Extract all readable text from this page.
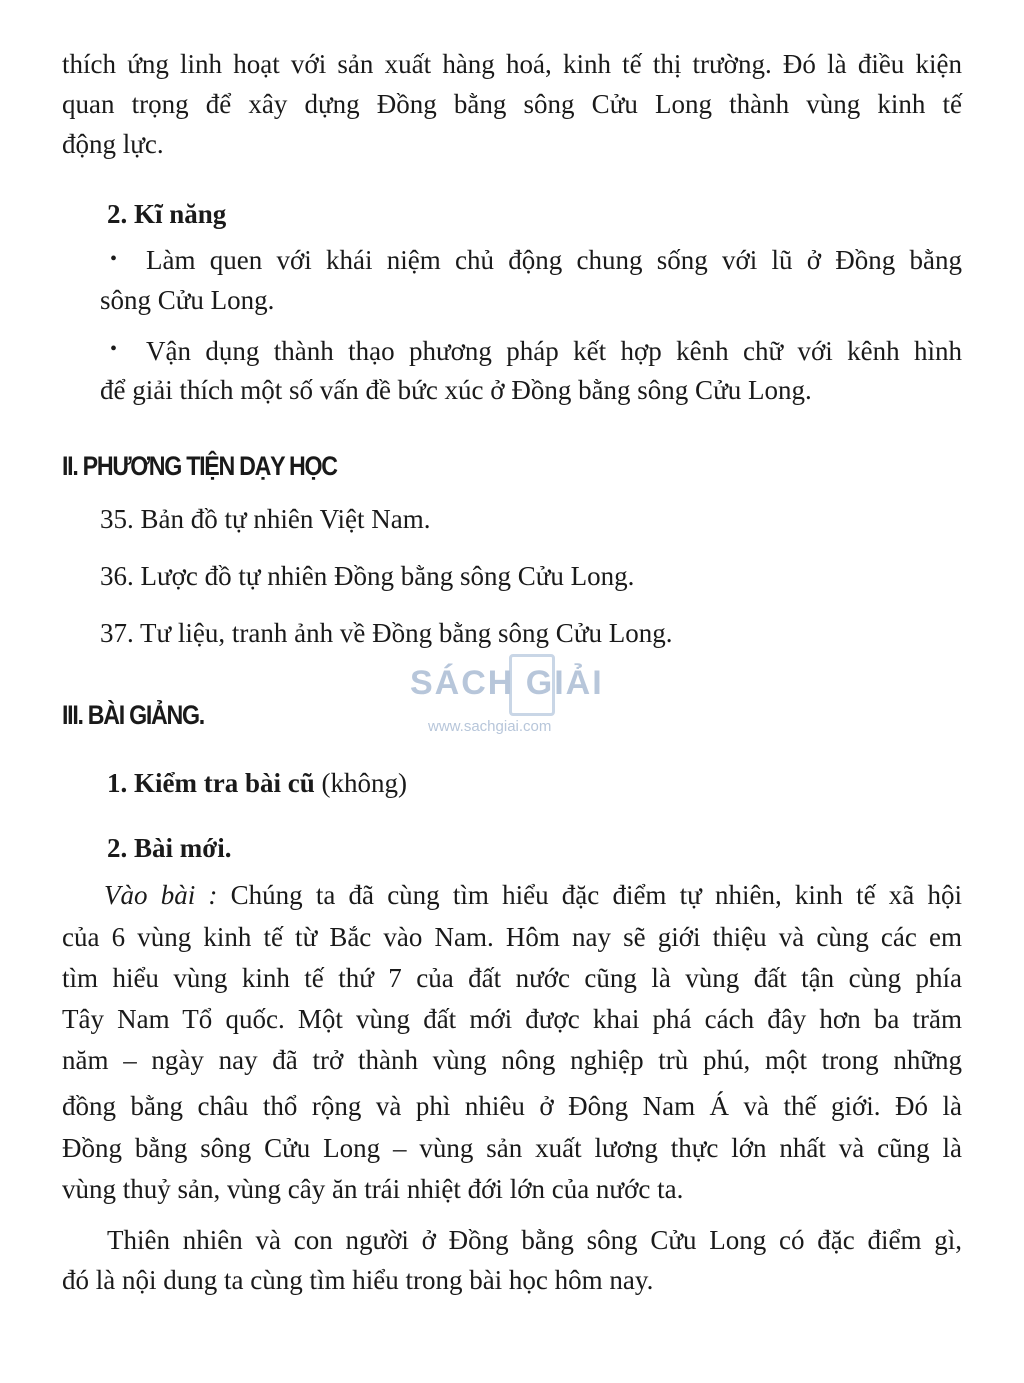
thích ứng linh hoạt với sản xuất hàng hoá, kinh tế thị trường. Đó là điều kiện

quan trọng để xây dựng Đồng bằng sông Cửu Long thành vùng kinh tế

động lực.

2. Kĩ năng

• Làm quen với khái niệm chủ động chung sống với lũ ở Đồng bằng

sông Cửu Long.

• Vận dụng thành thạo phương pháp kết hợp kênh chữ với kênh hình

để giải thích một số vấn đề bức xúc ở Đồng bằng sông Cửu Long.

II. PHƯƠNG TIỆN DẠY HỌC

35. Bản đồ tự nhiên Việt Nam.

36. Lược đồ tự nhiên Đồng bằng sông Cửu Long.

37. Tư liệu, tranh ảnh về Đồng bằng sông Cửu Long.

SÁCH GIẢI
www.sachgiai.com

III. BÀI GIẢNG.

1. Kiểm tra bài cũ (không)

2. Bài mới.

Vào bài : Chúng ta đã cùng tìm hiểu đặc điểm tự nhiên, kinh tế xã hội

của 6 vùng kinh tế từ Bắc vào Nam. Hôm nay sẽ giới thiệu và cùng các em

tìm hiểu vùng kinh tế thứ 7 của đất nước cũng là vùng đất tận cùng phía

Tây Nam Tổ quốc. Một vùng đất mới được khai phá cách đây hơn ba trăm

năm – ngày nay đã trở thành vùng nông nghiệp trù phú, một trong những

đồng bằng châu thổ rộng và phì nhiêu ở Đông Nam Á và thế giới. Đó là

Đồng bằng sông Cửu Long – vùng sản xuất lương thực lớn nhất và cũng là

vùng thuỷ sản, vùng cây ăn trái nhiệt đới lớn của nước ta.

Thiên nhiên và con người ở Đồng bằng sông Cửu Long có đặc điểm gì,

đó là nội dung ta cùng tìm hiểu trong bài học hôm nay.
